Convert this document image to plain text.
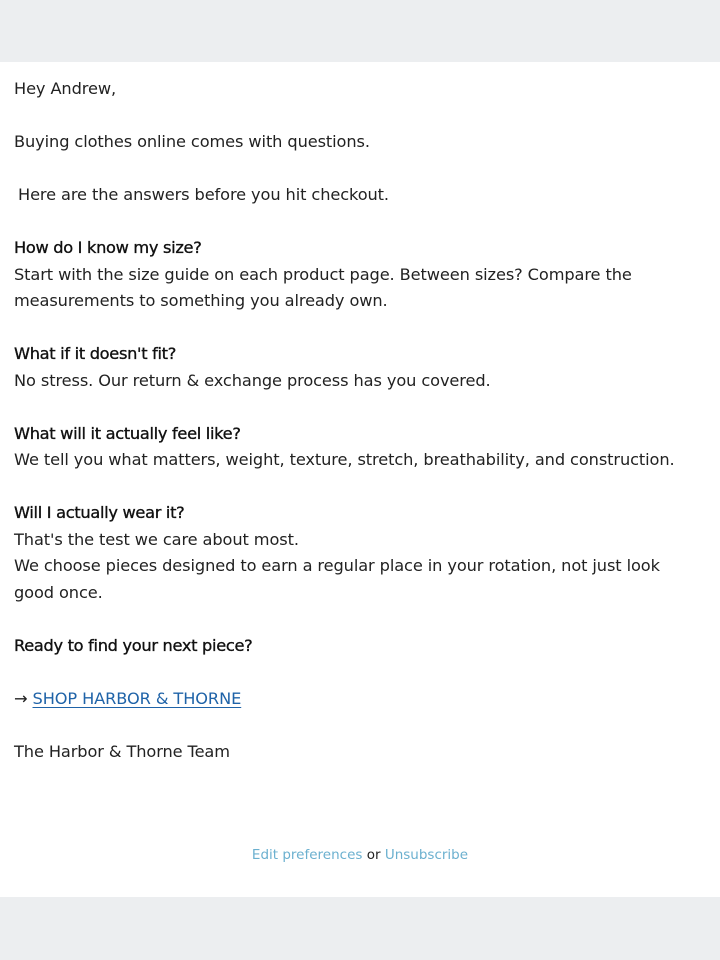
Hey Andrew,

Buying clothes online comes with questions.

Here are the answers before you hit checkout.

How do I know my size?

Start with the size guide on each product page. Between sizes? Compare the measurements to something you already own.

What if it doesn't fit?

No stress. Our return & exchange process has you covered.

What will it actually feel like?

We tell you what matters, weight, texture, stretch, breathability, and construction.

Will I actually wear it?

That's the test we care about most.

We choose pieces designed to earn a regular place in your rotation, not just look good once.

Ready to find your next piece?

→ SHOP HARBOR & THORNE

The Harbor & Thorne Team

Edit preferences or Unsubscribe
